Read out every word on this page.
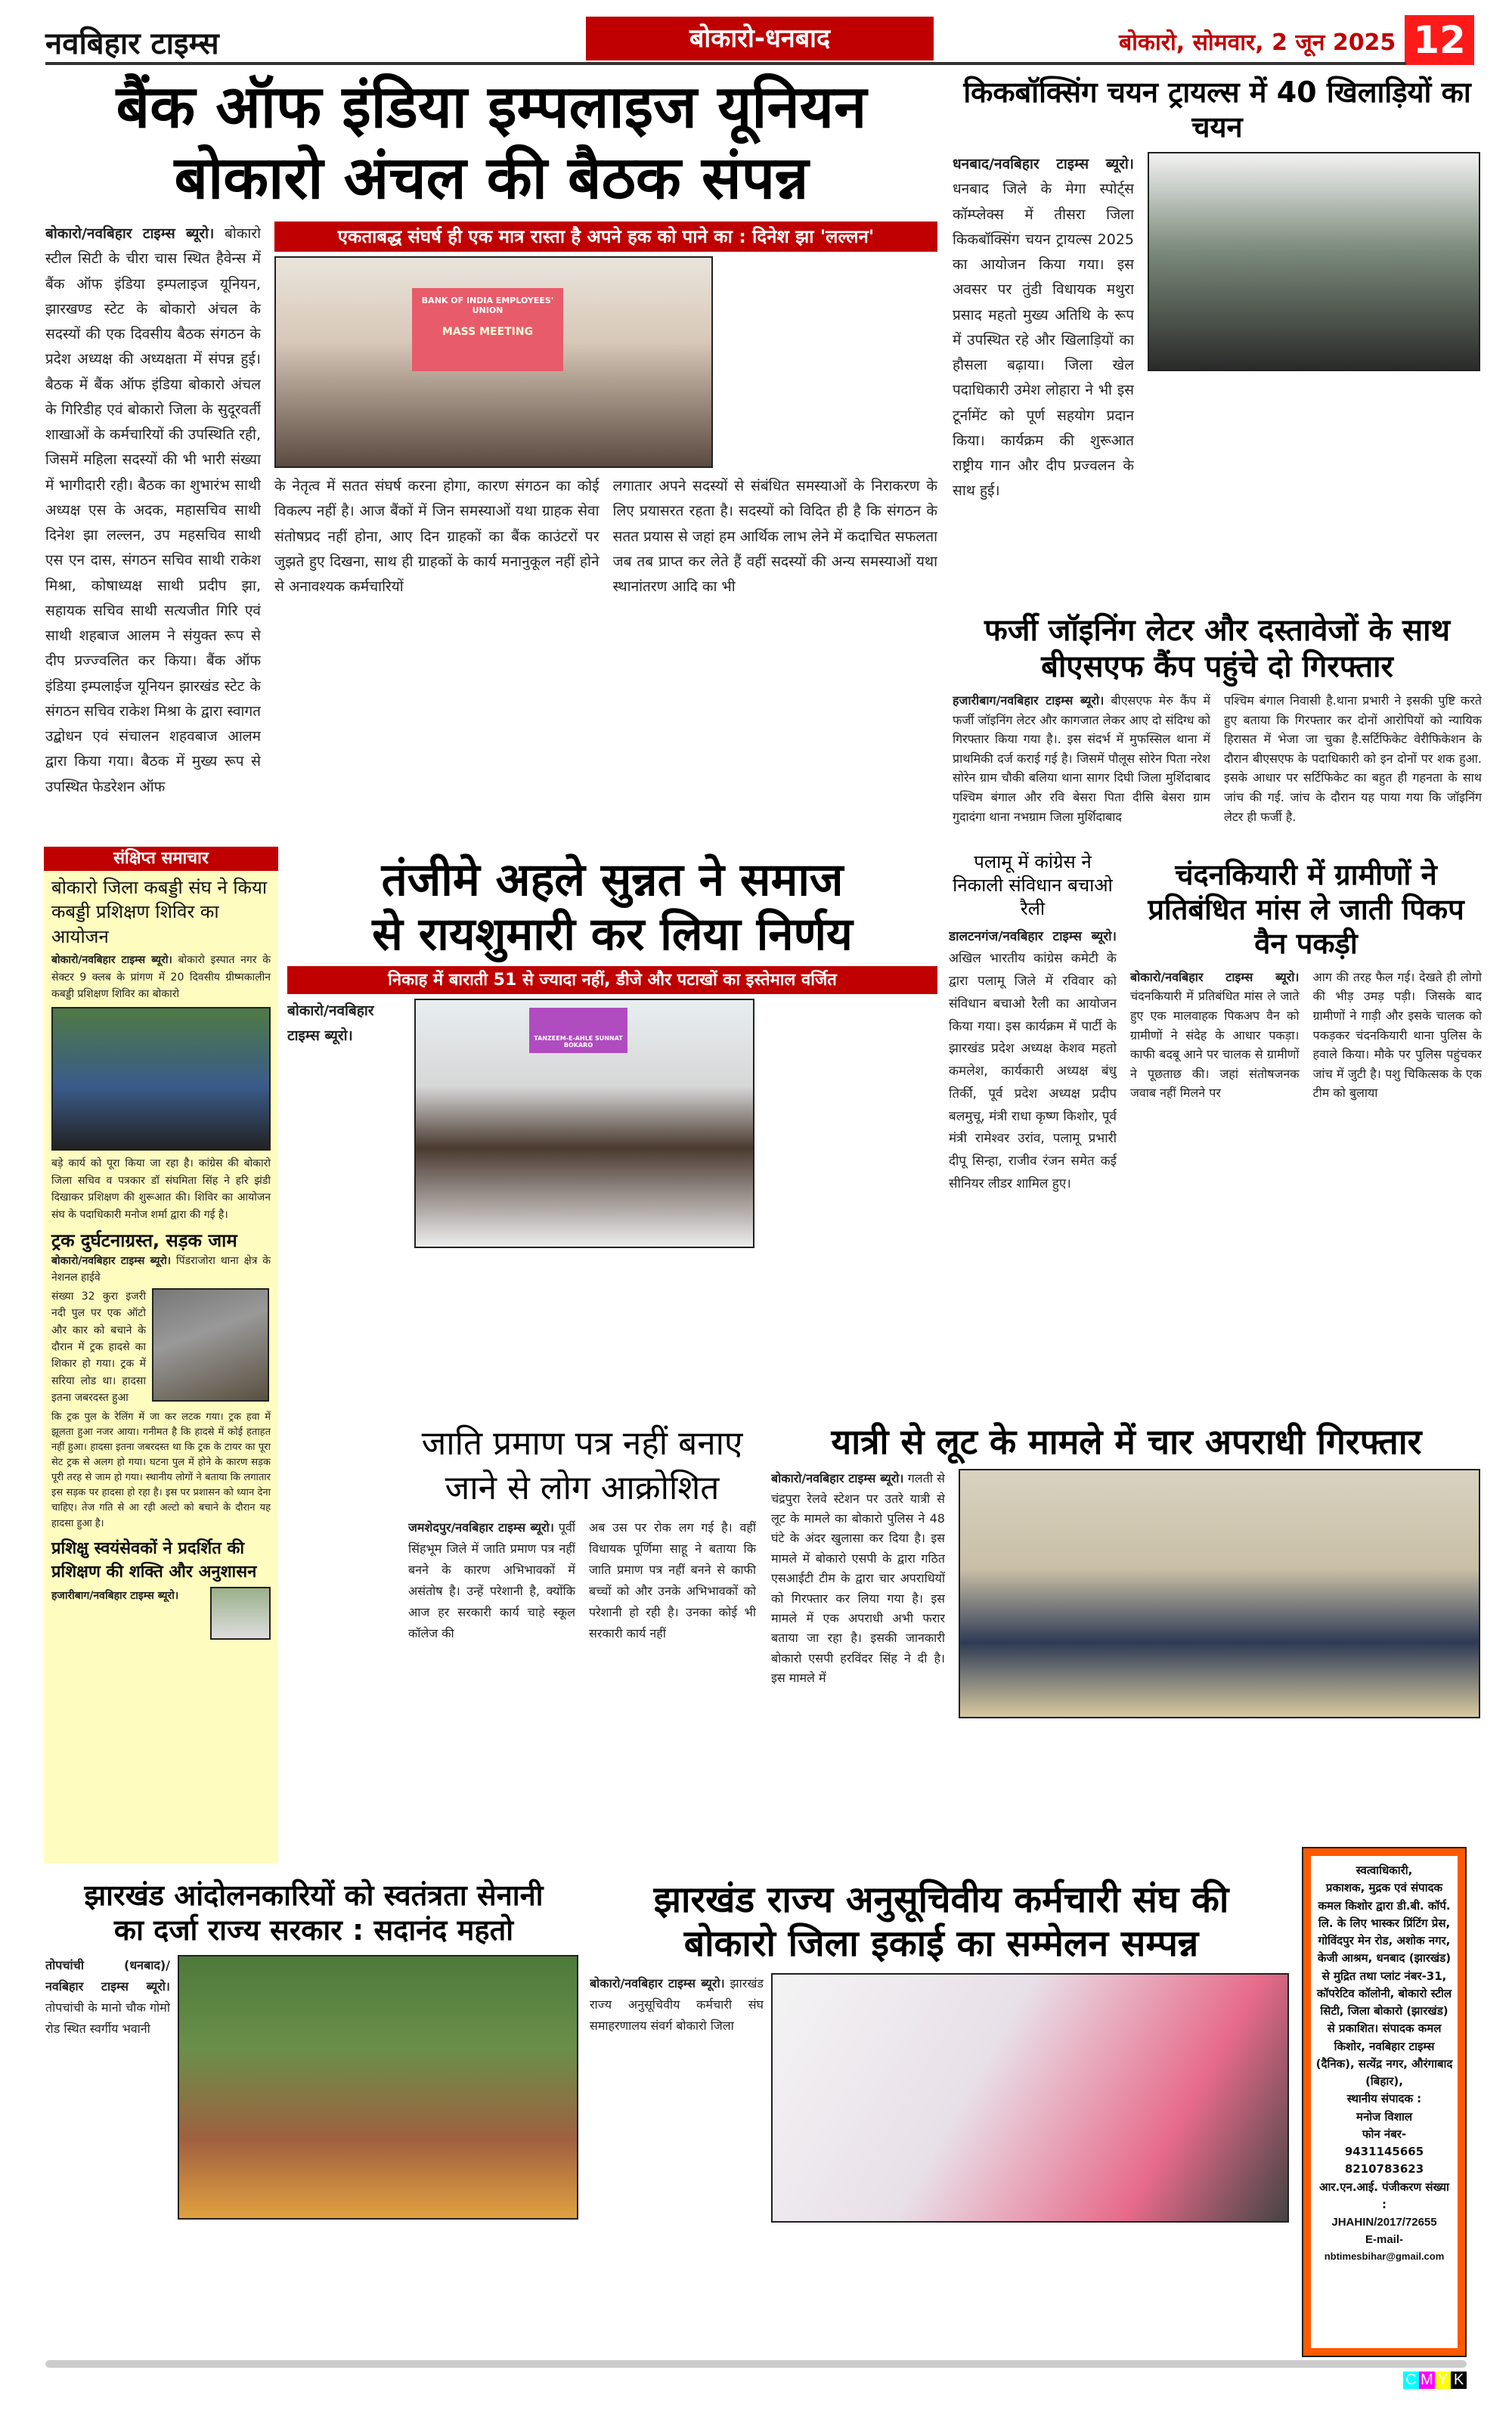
नवबिहार टाइम्स	बोकारो-धनबाद	बोकारो, सोमवार, 2 जून 2025 12
बैंक ऑफ इंडिया इम्पलाइज यूनियन
बोकारो अंचल की बैठक संपन्न
बोकारो/नवबिहार टाइम्स ब्यूरो। बोकारो स्टील सिटी के चीरा चास स्थित हैवेन्स में बैंक ऑफ इंडिया इम्पलाइज यूनियन, झारखण्ड स्टेट के बोकारो अंचल के सदस्यों की एक दिवसीय बैठक संगठन के प्रदेश अध्यक्ष की अध्यक्षता में संपन्न हुई। बैठक में बैंक ऑफ इंडिया बोकारो अंचल के गिरिडीह एवं बोकारो जिला के सुदूरवर्ती शाखाओं के कर्मचारियों की उपस्थिति रही, जिसमें महिला सदस्यों की भी भारी संख्या में भागीदारी रही। बैठक का शुभारंभ साथी अध्यक्ष एस के अदक, महासचिव साथी दिनेश झा लल्लन, उप महसचिव साथी एस एन दास, संगठन सचिव साथी राकेश मिश्रा, कोषाध्यक्ष साथी प्रदीप झा, सहायक सचिव साथी सत्यजीत गिरि एवं साथी शहबाज आलम ने संयुक्त रूप से दीप प्रज्ज्वलित कर किया। बैंक ऑफ इंडिया इम्पलाईज यूनियन झारखंड स्टेट के संगठन सचिव राकेश मिश्रा के द्वारा स्वागत उद्बोधन एवं संचालन शहवबाज आलम द्वारा किया गया। बैठक में मुख्य रूप से उपस्थित फेडरेशन ऑफ
एकताबद्ध संघर्ष ही एक मात्र रास्ता है अपने हक को पाने का : दिनेश झा 'लल्लन'
BANK OF INDIA EMPLOYEES' UNION
MASS MEETING
के नेतृत्व में सतत संघर्ष करना होगा, कारण संगठन का कोई विकल्प नहीं है। आज बैंकों में जिन समस्याओं यथा ग्राहक सेवा संतोषप्रद नहीं होना, आए दिन ग्राहकों का बैंक काउंटरों पर जुझते हुए दिखना, साथ ही ग्राहकों के कार्य मनानुकूल नहीं होने से अनावश्यक कर्मचारियों
लगातार अपने सदस्यों से संबंधित समस्याओं के निराकरण के लिए प्रयासरत रहता है। सदस्यों को विदित ही है कि संगठन के सतत प्रयास से जहां हम आर्थिक लाभ लेने में कदाचित सफलता जब तब प्राप्त कर लेते हैं वहीं सदस्यों की अन्य समस्याओं यथा स्थानांतरण आदि का भी
किकबॉक्सिंग चयन ट्रायल्स में 40 खिलाड़ियों का चयन
धनबाद/नवबिहार टाइम्स ब्यूरो। धनबाद जिले के मेगा स्पोर्ट्स कॉम्प्लेक्स में तीसरा जिला किकबॉक्सिंग चयन ट्रायल्स 2025 का आयोजन किया गया। इस अवसर पर तुंडी विधायक मथुरा प्रसाद महतो मुख्य अतिथि के रूप में उपस्थित रहे और खिलाड़ियों का हौसला बढ़ाया। जिला खेल पदाधिकारी उमेश लोहारा ने भी इस टूर्नामेंट को पूर्ण सहयोग प्रदान किया। कार्यक्रम की शुरूआत राष्ट्रीय गान और दीप प्रज्वलन के साथ हुई।
फर्जी जॉइनिंग लेटर और दस्तावेजों के साथ बीएसएफ कैंप पहुंचे दो गिरफ्तार
हजारीबाग/नवबिहार टाइम्स ब्यूरो। बीएसएफ मेरु कैंप में फर्जी जॉइनिंग लेटर और कागजात लेकर आए दो संदिग्ध को गिरफ्तार किया गया है।. इस संदर्भ में मुफस्सिल थाना में प्राथमिकी दर्ज कराई गई है। जिसमें पौलूस सोरेन पिता नरेश सोरेन ग्राम चौकी बलिया थाना सागर दिघी जिला मुर्शिदाबाद पश्चिम बंगाल और रवि बेसरा पिता दीसि बेसरा ग्राम गुदादंगा थाना नभग्राम जिला मुर्शिदाबाद
पश्चिम बंगाल निवासी है.थाना प्रभारी ने इसकी पुष्टि करते हुए बताया कि गिरफ्तार कर दोनों आरोपियों को न्यायिक हिरासत में भेजा जा चुका है.सर्टिफिकेट वेरीफिकेशन के दौरान बीएसएफ के पदाधिकारी को इन दोनों पर शक हुआ. इसके आधार पर सर्टिफिकेट का बहुत ही गहनता के साथ जांच की गई. जांच के दौरान यह पाया गया कि जॉइनिंग लेटर ही फर्जी है.
संक्षिप्त समाचार
बोकारो जिला कबड्डी संघ ने किया कबड्डी प्रशिक्षण शिविर का आयोजन
बोकारो/नवबिहार टाइम्स ब्यूरो। बोकारो इस्पात नगर के सेक्टर 9 क्लब के प्रांगण में 20 दिवसीय ग्रीष्मकालीन कबड्डी प्रशिक्षण शिविर का बोकारो
बड़े कार्य को पूरा किया जा रहा है। कांग्रेस की बोकारो जिला सचिव व पत्रकार डॉ संघमिता सिंह ने हरि झंडी दिखाकर प्रशिक्षण की शुरूआत की। शिविर का आयोजन संघ के पदाधिकारी मनोज शर्मा द्वारा की गई है।
ट्रक दुर्घटनाग्रस्त, सड़क जाम
बोकारो/नवबिहार टाइम्स ब्यूरो। पिंडराजोरा थाना क्षेत्र के नेशनल हाईवे
संख्या 32 कुरा इजरी नदी पुल पर एक ऑटो और कार को बचाने के दौरान में ट्रक हादसे का शिकार हो गया। ट्रक में सरिया लोड था। हादसा इतना जबरदस्त हुआ
कि ट्रक पुल के रेलिंग में जा कर लटक गया। ट्रक हवा में झूलता हुआ नजर आया। गनीमत है कि हादसे में कोई हताहत नहीं हुआ। हादसा इतना जबरदस्त था कि ट्रक के टायर का पूरा सेट ट्रक से अलग हो गया। घटना पुल में होने के कारण सड़क पूरी तरह से जाम हो गया। स्थानीय लोगों ने बताया कि लगातार इस सड़क पर हादसा हो रहा है। इस पर प्रशासन को ध्यान देना चाहिए। तेज गति से आ रही अल्टो को बचाने के दौरान यह हादसा हुआ है।
प्रशिक्षु स्वयंसेवकों ने प्रदर्शित की प्रशिक्षण की शक्ति और अनुशासन
हजारीबाग/नवबिहार टाइम्स ब्यूरो।
तंजीमे अहले सुन्नत ने समाज
से रायशुमारी कर लिया निर्णय
निकाह में बाराती 51 से ज्यादा नहीं, डीजे और पटाखों का इस्तेमाल वर्जित
बोकारो/नवबिहार टाइम्स ब्यूरो।	TANZEEM-E-AHLE SUNNAT BOKARO
पलामू में कांग्रेस ने निकाली संविधान बचाओ रैली
डालटनगंज/नवबिहार टाइम्स ब्यूरो। अखिल भारतीय कांग्रेस कमेटी के द्वारा पलामू जिले में रविवार को संविधान बचाओ रैली का आयोजन किया गया। इस कार्यक्रम में पार्टी के झारखंड प्रदेश अध्यक्ष केशव महतो कमलेश, कार्यकारी अध्यक्ष बंधु तिर्की, पूर्व प्रदेश अध्यक्ष प्रदीप बलमुचू, मंत्री राधा कृष्ण किशोर, पूर्व मंत्री रामेश्वर उरांव, पलामू प्रभारी दीपू सिन्हा, राजीव रंजन समेत कई सीनियर लीडर शामिल हुए।
चंदनकियारी में ग्रामीणों ने प्रतिबंधित मांस ले जाती पिकप वैन पकड़ी
बोकारो/नवबिहार टाइम्स ब्यूरो। चंदनकियारी में प्रतिबंधित मांस ले जाते हुए एक मालवाहक पिकअप वैन को ग्रामीणों ने संदेह के आधार पकड़ा। काफी बदबू आने पर चालक से ग्रामीणों ने पूछताछ की। जहां संतोषजनक जवाब नहीं मिलने पर
आग की तरह फैल गई। देखते ही लोगो की भीड़ उमड़ पड़ी। जिसके बाद ग्रामीणों ने गाड़ी और इसके चालक को पकड़कर चंदनकियारी थाना पुलिस के हवाले किया। मौके पर पुलिस पहुंचकर जांच में जुटी है। पशु चिकित्सक के एक टीम को बुलाया
जाति प्रमाण पत्र नहीं बनाए जाने से लोग आक्रोशित
जमशेदपुर/नवबिहार टाइम्स ब्यूरो। पूर्वी सिंहभूम जिले में जाति प्रमाण पत्र नहीं बनने के कारण अभिभावकों में असंतोष है। उन्हें परेशानी है, क्योंकि आज हर सरकारी कार्य चाहे स्कूल कॉलेज की
अब उस पर रोक लग गई है। वहीं विधायक पूर्णिमा साहू ने बताया कि जाति प्रमाण पत्र नहीं बनने से काफी बच्चों को और उनके अभिभावकों को परेशानी हो रही है। उनका कोई भी सरकारी कार्य नहीं
यात्री से लूट के मामले में चार अपराधी गिरफ्तार
बोकारो/नवबिहार टाइम्स ब्यूरो। गलती से चंद्रपुरा रेलवे स्टेशन पर उतरे यात्री से लूट के मामले का बोकारो पुलिस ने 48 घंटे के अंदर खुलासा कर दिया है। इस मामले में बोकारो एसपी के द्वारा गठित एसआईटी टीम के द्वारा चार अपराधियों को गिरफ्तार कर लिया गया है। इस मामले में एक अपराधी अभी फरार बताया जा रहा है। इसकी जानकारी बोकारो एसपी हरविंदर सिंह ने दी है। इस मामले में
झारखंड आंदोलनकारियों को स्वतंत्रता सेनानी
का दर्जा राज्य सरकार : सदानंद महतो
तोपचांची (धनबाद)/ नवबिहार टाइम्स ब्यूरो। तोपचांची के मानो चौक गोमो रोड स्थित स्वर्गीय भवानी
झारखंड राज्य अनुसूचिवीय कर्मचारी संघ की
बोकारो जिला इकाई का सम्मेलन सम्पन्न
बोकारो/नवबिहार टाइम्स ब्यूरो। झारखंड राज्य अनुसूचिवीय कर्मचारी संघ समाहरणालय संवर्ग बोकारो जिला
स्वत्वाधिकारी,
प्रकाशक, मुद्रक एवं संपादक कमल किशोर द्वारा डी.बी. कॉर्प. लि. के लिए भास्कर प्रिंटिंग प्रेस, गोविंदपुर मेन रोड, अशोक नगर, केजी आश्रम, धनबाद (झारखंड) से मुद्रित तथा प्लांट नंबर-31, कॉपरेटिव कॉलोनी, बोकारो स्टील सिटी, जिला बोकारो (झारखंड) से प्रकाशित। संपादक कमल किशोर, नवबिहार टाइम्स (दैनिक), सत्येंद्र नगर, औरंगाबाद (बिहार),
स्थानीय संपादक :
मनोज विशाल
फोन नंबर-
9431145665
8210783623
आर.एन.आई. पंजीकरण संख्या :
JHAHIN/2017/72655
E-mail-
nbtimesbihar@gmail.com
C M Y K
